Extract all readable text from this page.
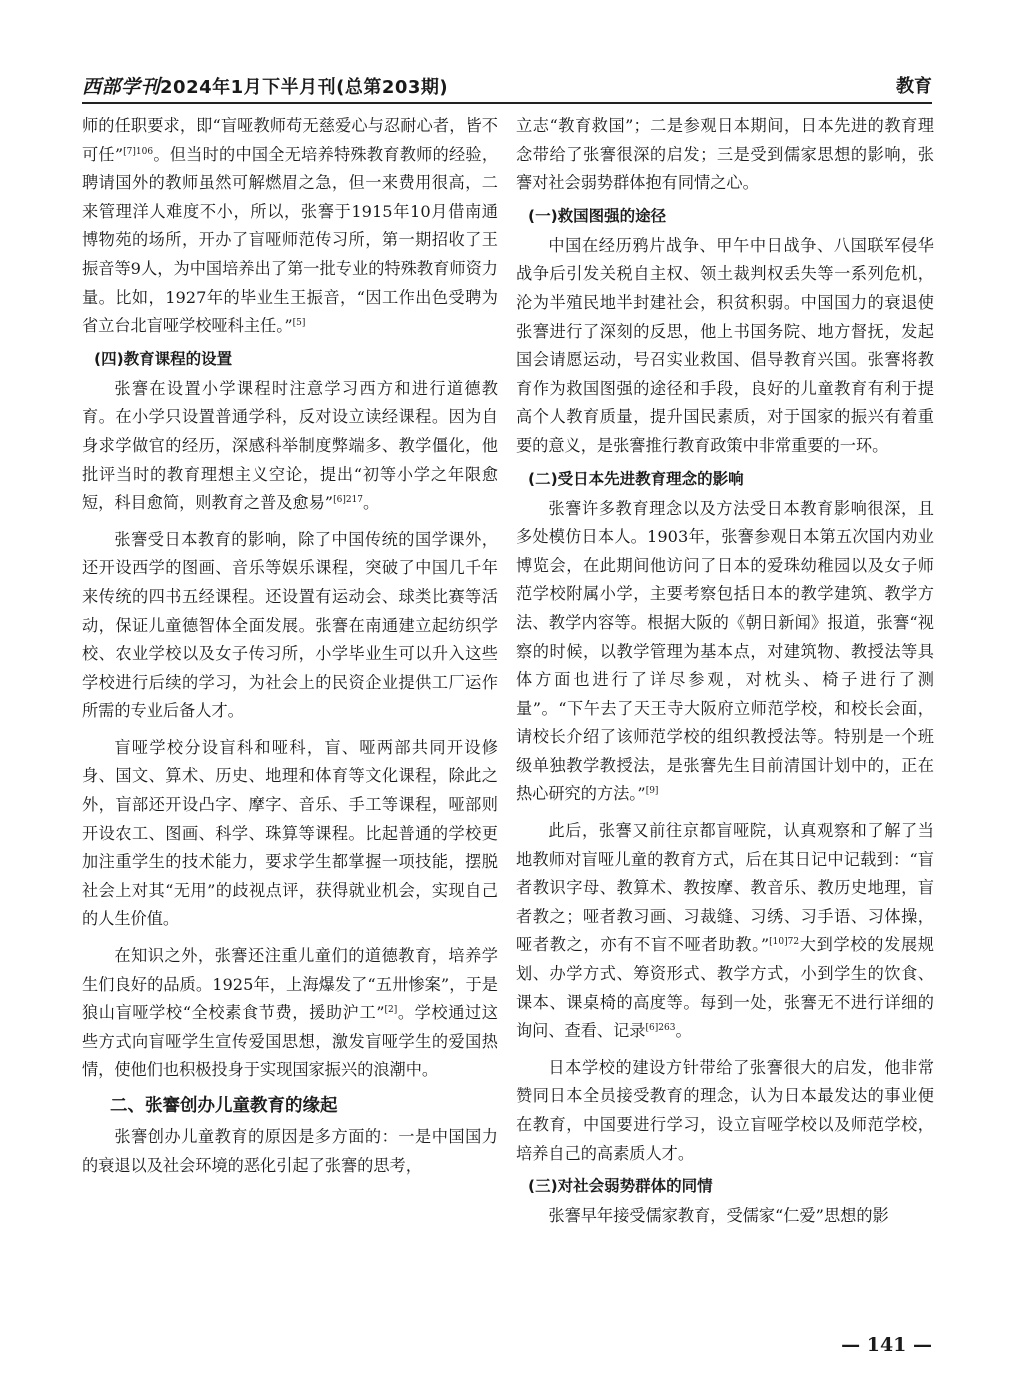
西部学刊2024年1月下半月刊(总第203期)	教育

师的任职要求，即“盲哑教师苟无慈爱心与忍耐心者，皆不可任”$^{[7]106}$。但当时的中国全无培养特殊教育教师的经验，聘请国外的教师虽然可解燃眉之急，但一来费用很高，二来管理洋人难度不小，所以，张謇于1915年10月借南通博物苑的场所，开办了盲哑师范传习所，第一期招收了王振音等9人，为中国培养出了第一批专业的特殊教育师资力量。比如，1927年的毕业生王振音，“因工作出色受聘为省立台北盲哑学校哑科主任。”[5]

(四)教育课程的设置

张謇在设置小学课程时注意学习西方和进行道德教育。在小学只设置普通学科，反对设立读经课程。因为自身求学做官的经历，深感科举制度弊端多、教学僵化，他批评当时的教育理想主义空论，提出“初等小学之年限愈短，科目愈简，则教育之普及愈易”$^{[6]217}$。

张謇受日本教育的影响，除了中国传统的国学课外，还开设西学的图画、音乐等娱乐课程，突破了中国几千年来传统的四书五经课程。还设置有运动会、球类比赛等活动，保证儿童德智体全面发展。张謇在南通建立起纺织学校、农业学校以及女子传习所，小学毕业生可以升入这些学校进行后续的学习，为社会上的民资企业提供工厂运作所需的专业后备人才。

盲哑学校分设盲科和哑科，盲、哑两部共同开设修身、国文、算术、历史、地理和体育等文化课程，除此之外，盲部还开设凸字、摩字、音乐、手工等课程，哑部则开设农工、图画、科学、珠算等课程。比起普通的学校更加注重学生的技术能力，要求学生都掌握一项技能，摆脱社会上对其“无用”的歧视点评，获得就业机会，实现自己的人生价值。

在知识之外，张謇还注重儿童们的道德教育，培养学生们良好的品质。1925年，上海爆发了“五卅惨案”，于是狼山盲哑学校“全校素食节费，援助沪工”[2]。学校通过这些方式向盲哑学生宣传爱国思想，激发盲哑学生的爱国热情，使他们也积极投身于实现国家振兴的浪潮中。

二、张謇创办儿童教育的缘起

张謇创办儿童教育的原因是多方面的：一是中国国力的衰退以及社会环境的恶化引起了张謇的思考，

立志“教育救国”；二是参观日本期间，日本先进的教育理念带给了张謇很深的启发；三是受到儒家思想的影响，张謇对社会弱势群体抱有同情之心。

(一)救国图强的途径

中国在经历鸦片战争、甲午中日战争、八国联军侵华战争后引发关税自主权、领土裁判权丢失等一系列危机，沦为半殖民地半封建社会，积贫积弱。中国国力的衰退使张謇进行了深刻的反思，他上书国务院、地方督抚，发起国会请愿运动，号召实业救国、倡导教育兴国。张謇将教育作为救国图强的途径和手段，良好的儿童教育有利于提高个人教育质量，提升国民素质，对于国家的振兴有着重要的意义，是张謇推行教育政策中非常重要的一环。

(二)受日本先进教育理念的影响

张謇许多教育理念以及方法受日本教育影响很深，且多处模仿日本人。1903年，张謇参观日本第五次国内劝业博览会，在此期间他访问了日本的爱珠幼稚园以及女子师范学校附属小学，主要考察包括日本的教学建筑、教学方法、教学内容等。根据大阪的《朝日新闻》报道，张謇“视察的时候，以教学管理为基本点，对建筑物、教授法等具体方面也进行了详尽参观，对枕头、椅子进行了测量”。“下午去了天王寺大阪府立师范学校，和校长会面，请校长介绍了该师范学校的组织教授法等。特别是一个班级单独教学教授法，是张謇先生目前清国计划中的，正在热心研究的方法。”[9]

此后，张謇又前往京都盲哑院，认真观察和了解了当地教师对盲哑儿童的教育方式，后在其日记中记载到：“盲者教识字母、教算术、教按摩、教音乐、教历史地理，盲者教之；哑者教习画、习裁缝、习绣、习手语、习体操，哑者教之，亦有不盲不哑者助教。”$^{[10]72}$大到学校的发展规划、办学方式、筹资形式、教学方式，小到学生的饮食、课本、课桌椅的高度等。每到一处，张謇无不进行详细的询问、查看、记录$^{[6]263}$。

日本学校的建设方针带给了张謇很大的启发，他非常赞同日本全员接受教育的理念，认为日本最发达的事业便在教育，中国要进行学习，设立盲哑学校以及师范学校，培养自己的高素质人才。

(三)对社会弱势群体的同情

张謇早年接受儒家教育，受儒家“仁爱”思想的影

— 141 —
